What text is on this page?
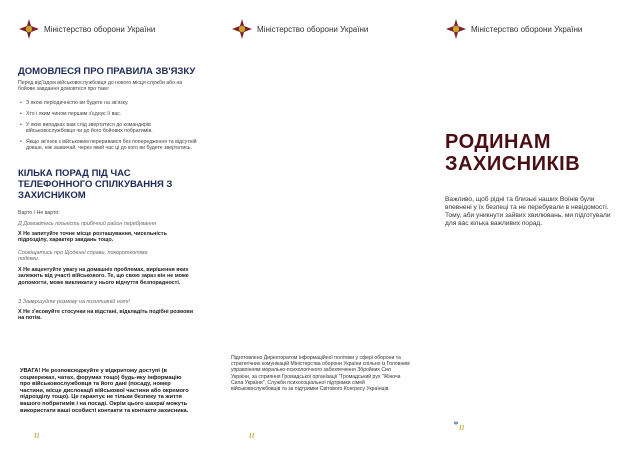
Міністерство оборони України
ДОМОВЛЕСЯ ПРО ПРАВИЛА ЗВ'ЯЗКУ
Перед від'їздом військовослужбовця до нового місця служби або на бойове завдання домовтеся про таке:
• З якою періодичністю ви будете на зв'язку.
• Хто і яким чином першим з'єднує її вас.
• У яких випадках вам слід звертатися до командирів військовослужбовця чи до його бойових побратимів.
• Якщо зв'язок з військовим переривався без попередження та відсутній довше, ніж зазвичай, через який час ці до кого ви будете звертатись.
КІЛЬКА ПОРАД ПІД ЧАС ТЕЛЕФОННОГО СПІЛКУВАННЯ З ЗАХИСНИКОМ
Варто / Не варто:
Д Домовітесь пільність прибічний район перебування
Х Не запитуйте точне місце розташування, чисельність підрозділу, характер завдань тощо.
Сповіщатись про Щоденні справи, покороткотіма подіями.
Х Не акцентуйте увагу на домашніх проблемах, вирішення яких залежить від участі військового. Те, що свою зараз він не може допомогти, може викликати у нього відчуття безпорадності.
З Завершуйте розмову на позитивній ноті!
Х Не з'ясовуйте стосунки на відстані, відкладіть подібні розмови на потім.
УВАГА! Не розповсюджуйте у відкритому доступі (в соцмережах, чатах, форумах тощо) будь-яку інформацію про військовослужбовця та його дані (посаду, номер частини, місце дислокації військової частини або окремого підрозділу тощо). Це гарантує не тільки безпеку та життя вашого побратимів і на посаді. Окрім цього шахраї можуть використати ваші особисті контакти та контакти захисника.
ıı
Міністерство оборони України
Підготовлено Директоратом інформаційної політики у сфері оборони та стратегічних комунікацій Міністерства оборони України спільно із Головним управлінням морально-психологічного забезпечення Збройних Сил України, за сприяння Громадської організації "Громадський рух "Жіноча Сила України", Служби психосоціальної підтримки сімей військовослужбовців та за підтримки Світового Конгресу Українців.
ıı
Міністерство оборони України
РОДИНАМ
ЗАХИСНИКІВ
Важливо, щоб рідні та близькі наших Воїнів були впевнені у їх безпеці та не перебували в невідомості. Тому, аби уникнути зайвих хвилювань, ми підготували для вас кілька важливих порад.
* ıı
